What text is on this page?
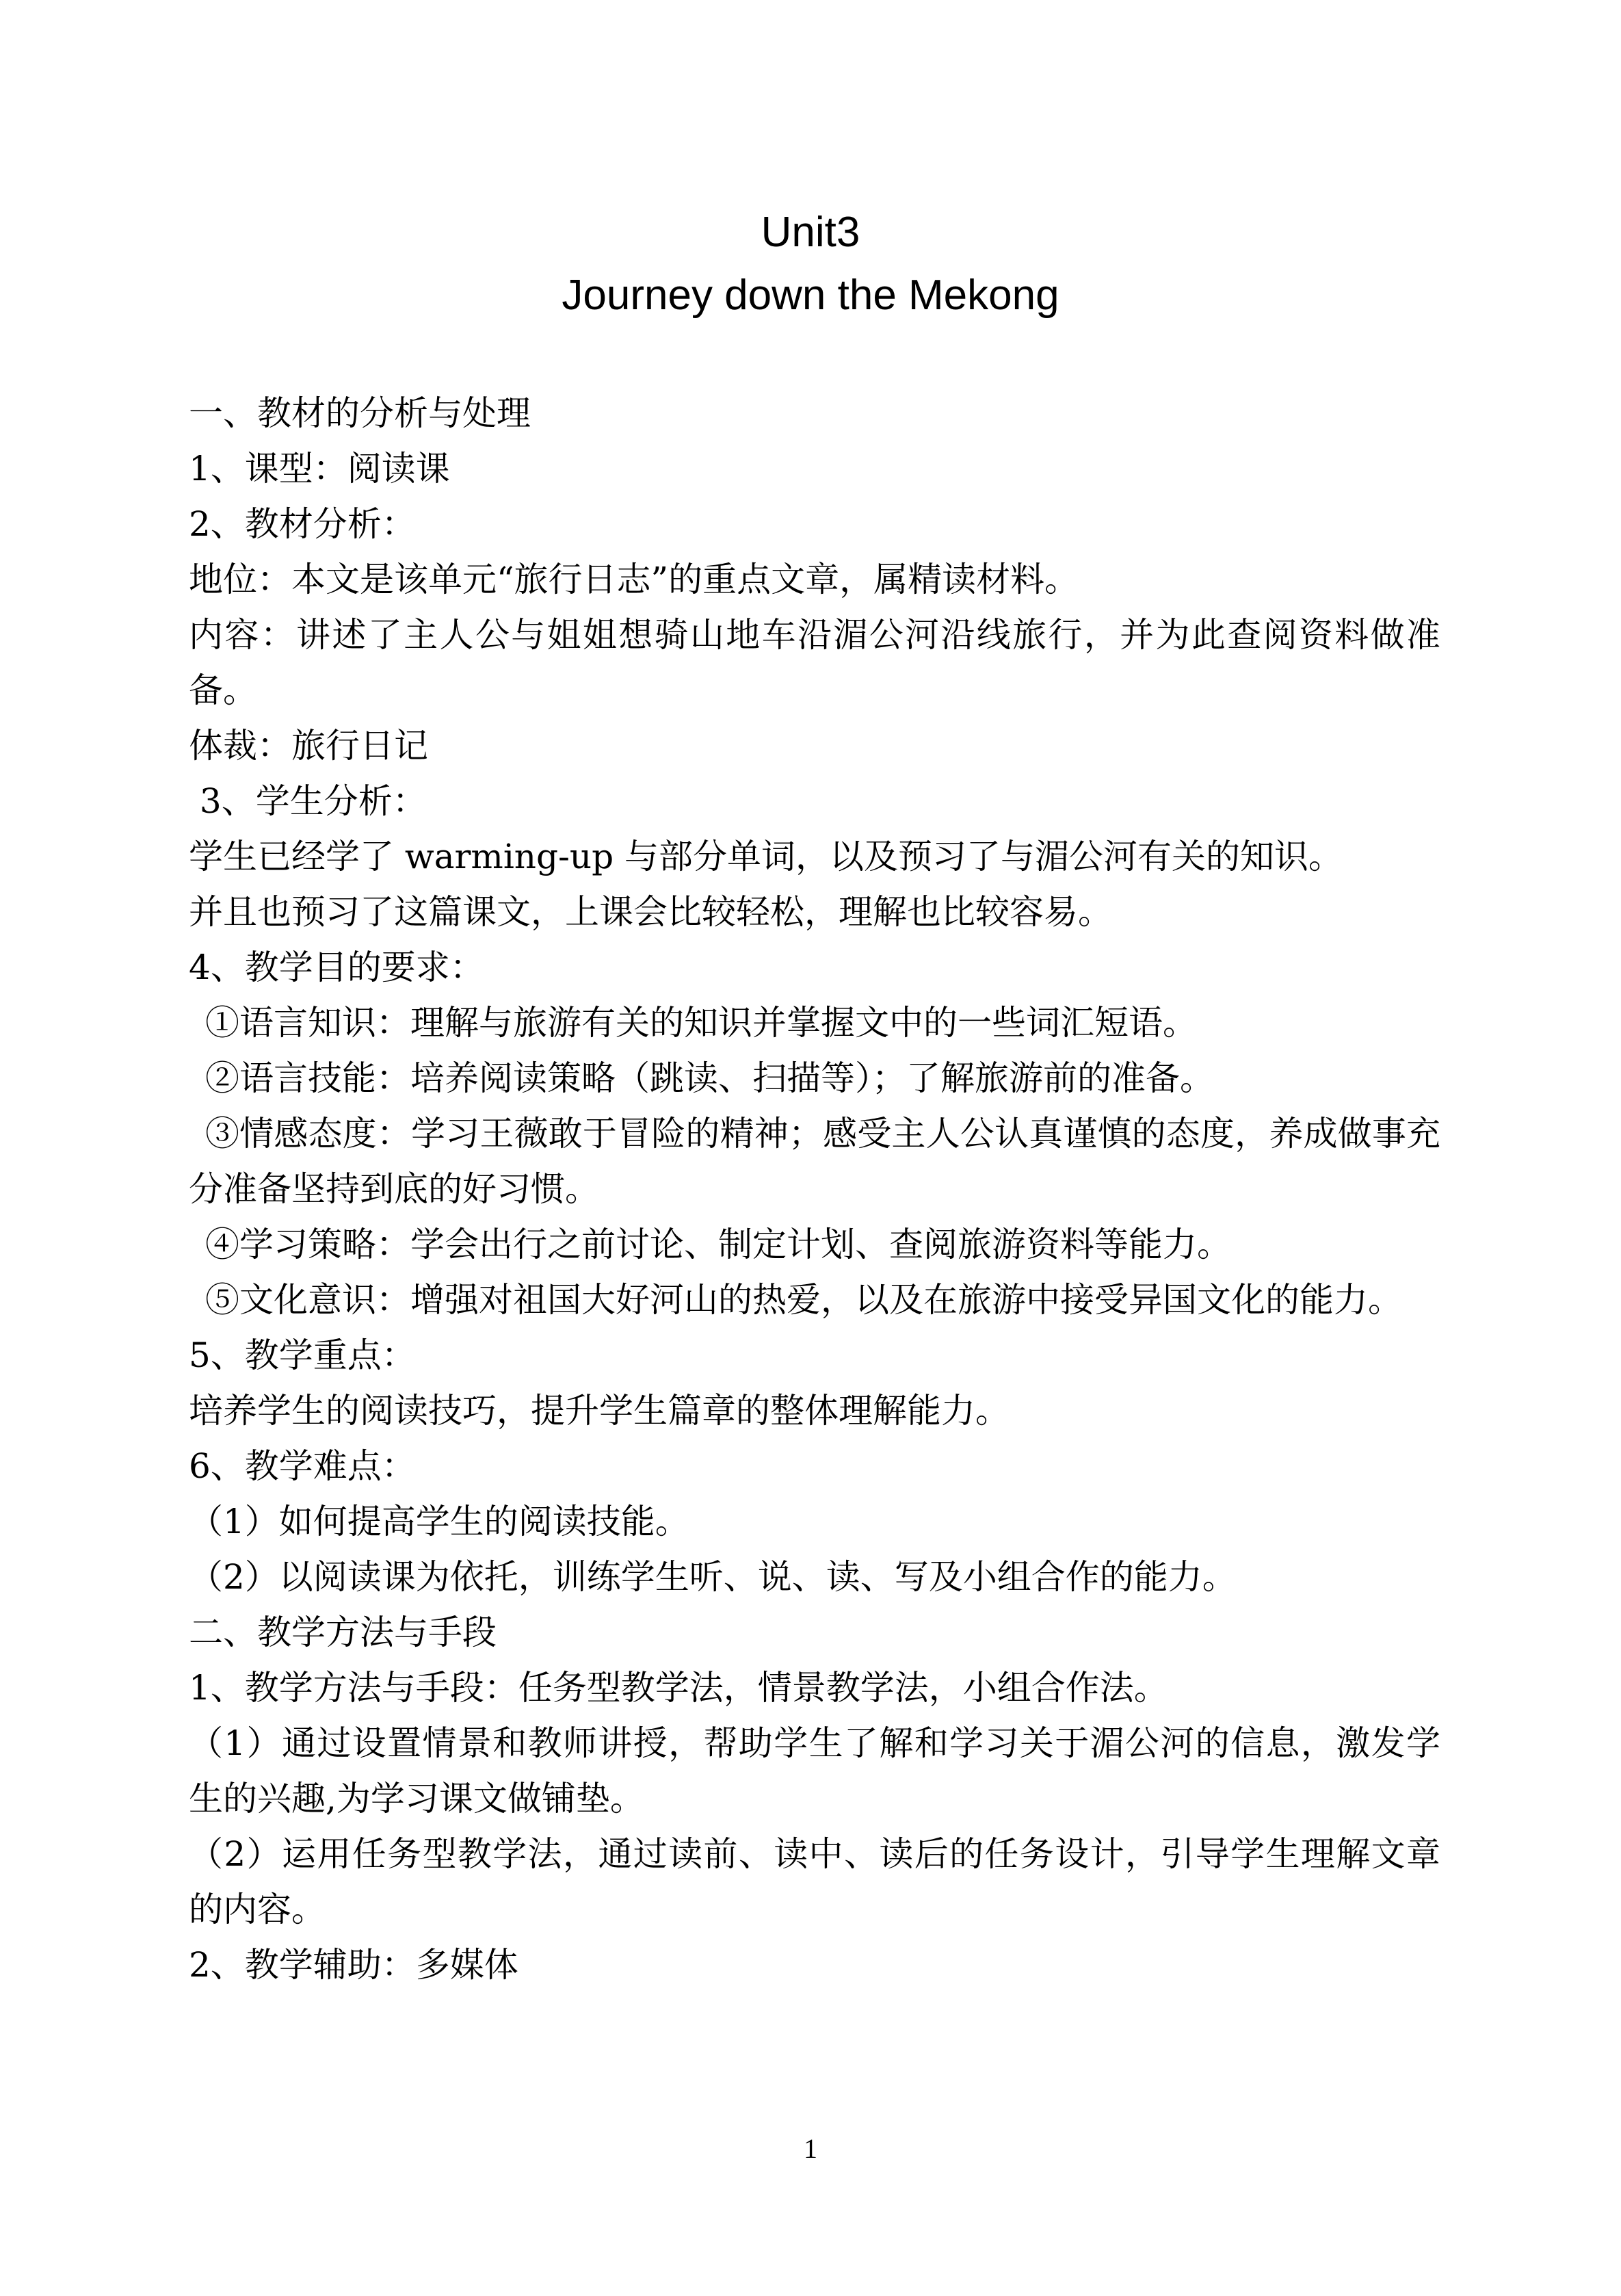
Unit3
Journey down the Mekong
一、教材的分析与处理
1、课型：阅读课
2、教材分析：
地位：本文是该单元“旅行日志”的重点文章，属精读材料。
内容：讲述了主人公与姐姐想骑山地车沿湄公河沿线旅行，并为此查阅资料做准备。
体裁：旅行日记
3、学生分析：
学生已经学了 warming-up 与部分单词，以及预习了与湄公河有关的知识。
并且也预习了这篇课文，上课会比较轻松，理解也比较容易。
4、教学目的要求：
①语言知识：理解与旅游有关的知识并掌握文中的一些词汇短语。
②语言技能：培养阅读策略（跳读、扫描等）；了解旅游前的准备。
③情感态度：学习王薇敢于冒险的精神；感受主人公认真谨慎的态度，养成做事充分准备坚持到底的好习惯。
④学习策略：学会出行之前讨论、制定计划、查阅旅游资料等能力。
⑤文化意识：增强对祖国大好河山的热爱，以及在旅游中接受异国文化的能力。
5、教学重点：
培养学生的阅读技巧，提升学生篇章的整体理解能力。
6、教学难点：
（1）如何提高学生的阅读技能。
（2）以阅读课为依托，训练学生听、说、读、写及小组合作的能力。
二、教学方法与手段
1、教学方法与手段：任务型教学法，情景教学法，小组合作法。
（1）通过设置情景和教师讲授，帮助学生了解和学习关于湄公河的信息，激发学生的兴趣,为学习课文做铺垫。
（2）运用任务型教学法，通过读前、读中、读后的任务设计，引导学生理解文章的内容。
2、教学辅助：多媒体
1
